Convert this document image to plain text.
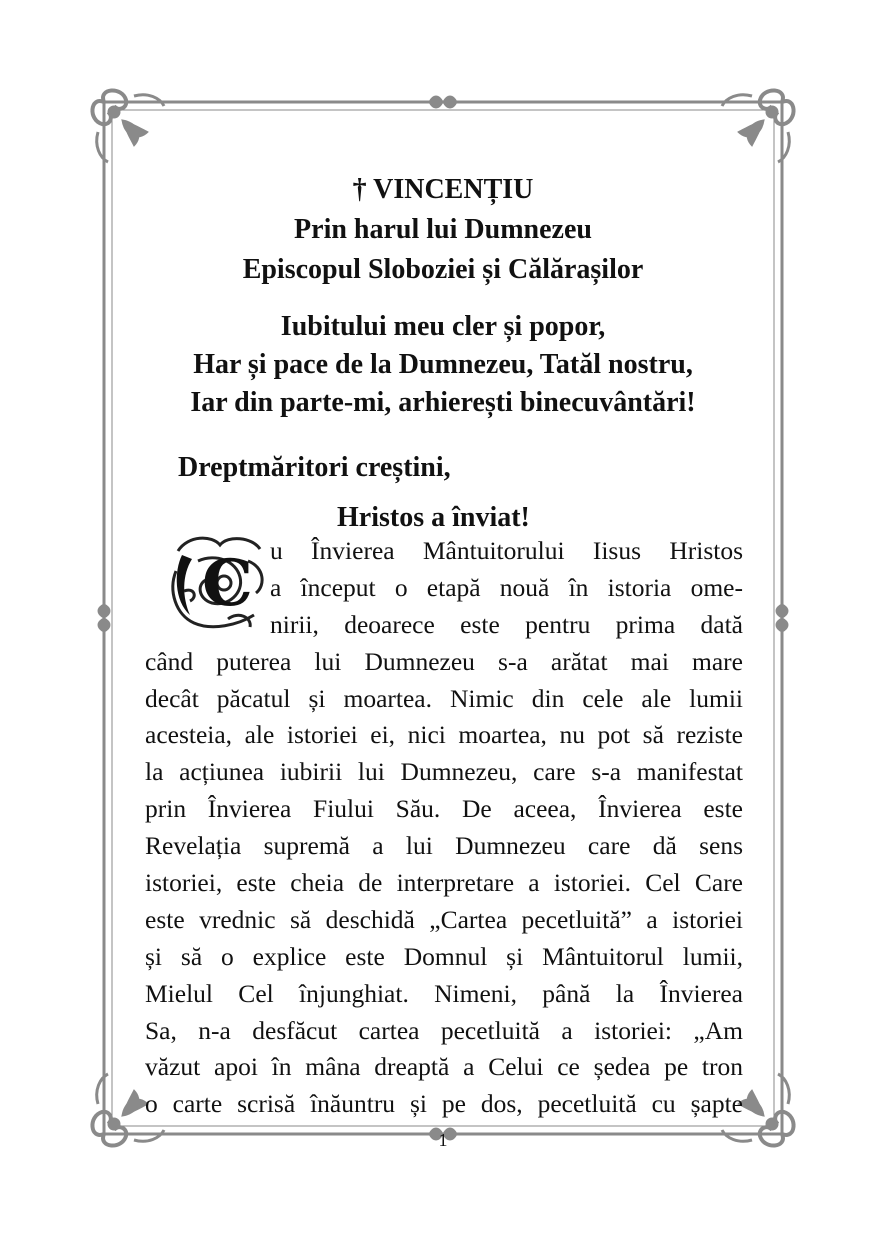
† VINCENȚIU
Prin harul lui Dumnezeu
Episcopul Sloboziei și Călărașilor
Iubitului meu cler și popor,
Har și pace de la Dumnezeu, Tatăl nostru,
Iar din parte-mi, arhierești binecuvântări!
Dreptmăritori creștini,
Hristos a înviat!
C u Învierea Mântuitorului Iisus Hristos
a început o etapă nouă în istoria ome-
nirii, deoarece este pentru prima dată
când puterea lui Dumnezeu s-a arătat mai mare
decât păcatul și moartea. Nimic din cele ale lumii
acesteia, ale istoriei ei, nici moartea, nu pot să reziste
la acțiunea iubirii lui Dumnezeu, care s-a manifestat
prin Învierea Fiului Său. De aceea, Învierea este
Revelația supremă a lui Dumnezeu care dă sens
istoriei, este cheia de interpretare a istoriei. Cel Care
este vrednic să deschidă „Cartea pecetluită” a istoriei
și să o explice este Domnul și Mântuitorul lumii,
Mielul Cel înjunghiat. Nimeni, până la Învierea
Sa, n-a desfăcut cartea pecetluită a istoriei: „Am
văzut apoi în mâna dreaptă a Celui ce ședea pe tron
o carte scrisă înăuntru și pe dos, pecetluită cu șapte
1
